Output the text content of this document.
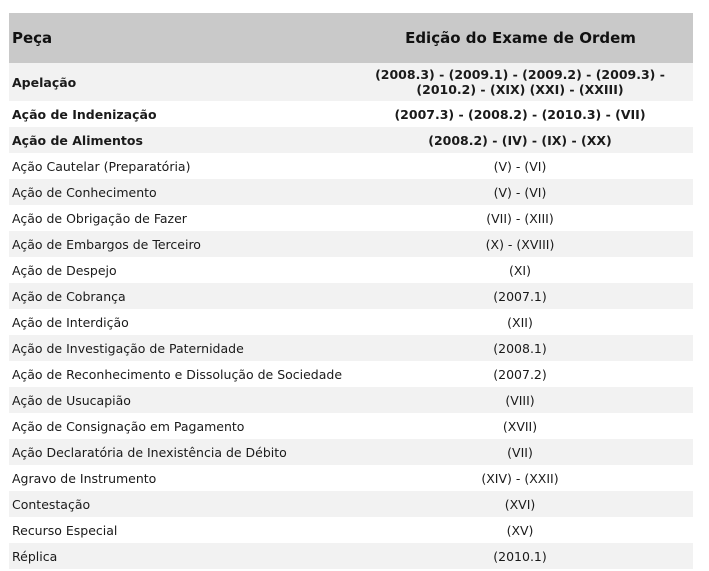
Peça	Edição do Exame de Ordem
Apelação	(2008.3) - (2009.1) - (2009.2) - (2009.3) - (2010.2) - (XIX) (XXI) - (XXIII)
Ação de Indenização	(2007.3) - (2008.2) - (2010.3) - (VII)
Ação de Alimentos	(2008.2) - (IV) - (IX) - (XX)
Ação Cautelar (Preparatória)	(V) - (VI)
Ação de Conhecimento	(V) - (VI)
Ação de Obrigação de Fazer	(VII) - (XIII)
Ação de Embargos de Terceiro	(X) - (XVIII)
Ação de Despejo	(XI)
Ação de Cobrança	(2007.1)
Ação de Interdição	(XII)
Ação de Investigação de Paternidade	(2008.1)
Ação de Reconhecimento e Dissolução de Sociedade	(2007.2)
Ação de Usucapião	(VIII)
Ação de Consignação em Pagamento	(XVII)
Ação Declaratória de Inexistência de Débito	(VII)
Agravo de Instrumento	(XIV) - (XXII)
Contestação	(XVI)
Recurso Especial	(XV)
Réplica	(2010.1)
